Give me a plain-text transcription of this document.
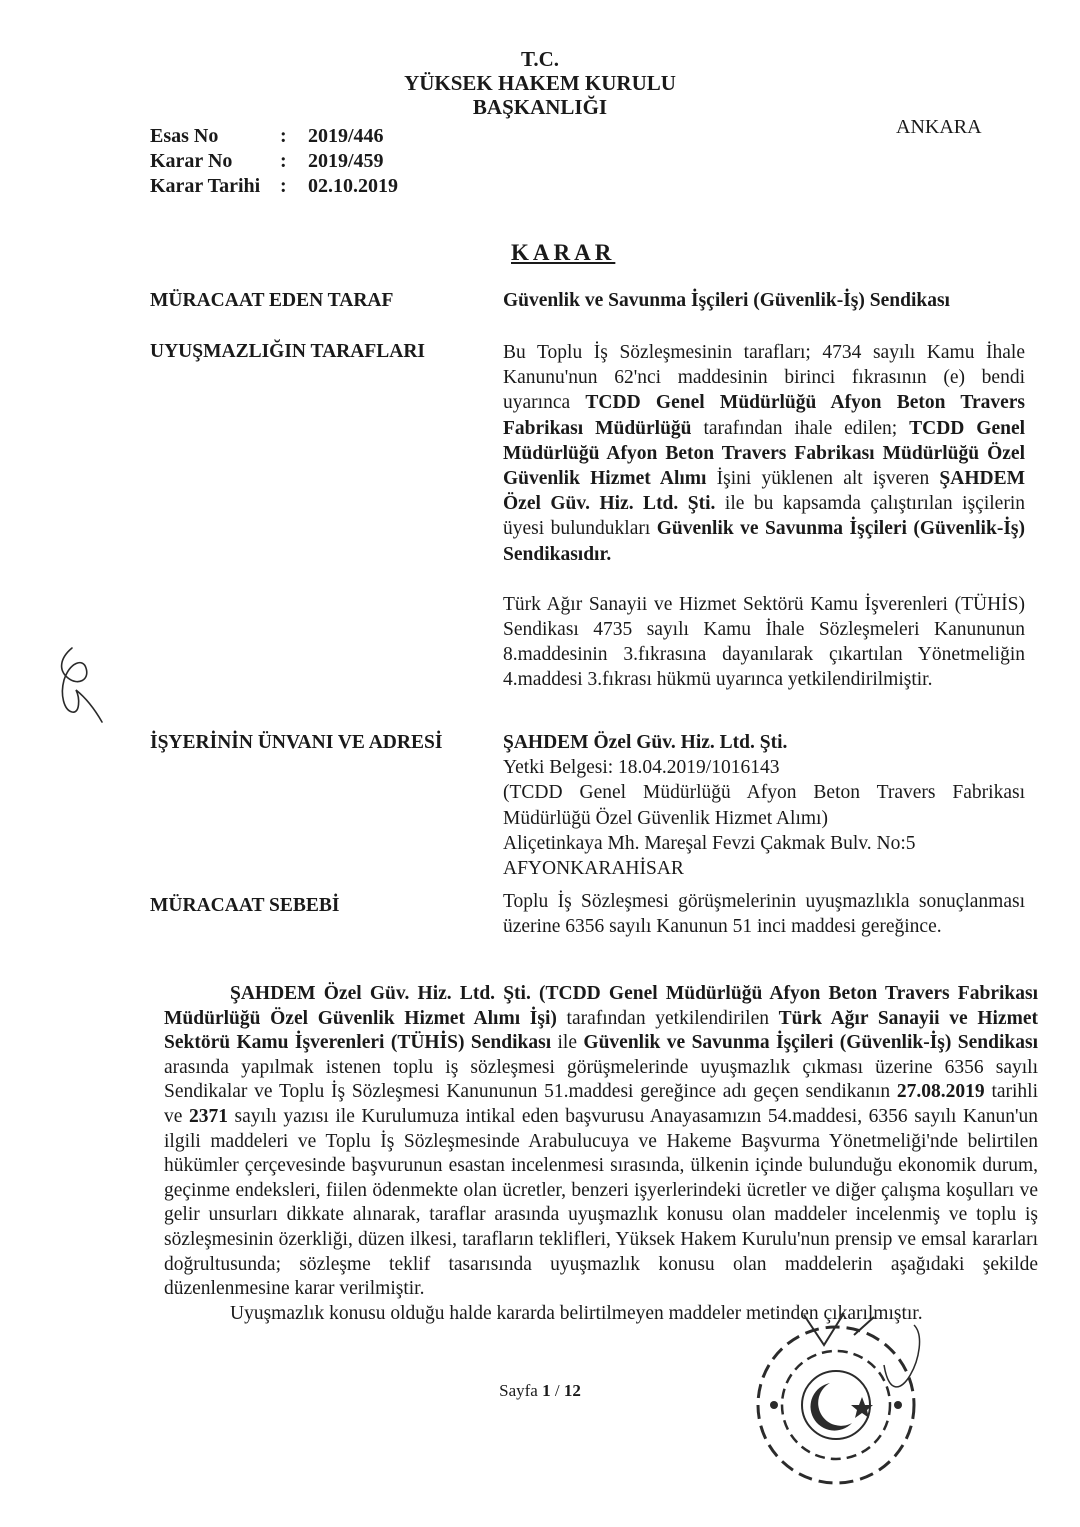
T.C.
YÜKSEK HAKEM KURULU
BAŞKANLIĞI
Esas No	:	2019/446
Karar No	:	2019/459
Karar Tarihi :	02.10.2019
ANKARA
KARAR
MÜRACAAT EDEN TARAF	Güvenlik ve Savunma İşçileri (Güvenlik-İş) Sendikası
UYUŞMAZLIĞIN TARAFLARI	Bu Toplu İş Sözleşmesinin tarafları; 4734 sayılı Kamu İhale Kanunu'nun 62'nci maddesinin birinci fıkrasının (e) bendi uyarınca TCDD Genel Müdürlüğü Afyon Beton Travers Fabrikası Müdürlüğü tarafından ihale edilen; TCDD Genel Müdürlüğü Afyon Beton Travers Fabrikası Müdürlüğü Özel Güvenlik Hizmet Alımı İşini yüklenen alt işveren ŞAHDEM Özel Güv. Hiz. Ltd. Şti. ile bu kapsamda çalıştırılan işçilerin üyesi bulundukları Güvenlik ve Savunma İşçileri (Güvenlik-İş) Sendikasıdır.

Türk Ağır Sanayii ve Hizmet Sektörü Kamu İşverenleri (TÜHİS) Sendikası 4735 sayılı Kamu İhale Sözleşmeleri Kanununun 8.maddesinin 3.fıkrasına dayanılarak çıkartılan Yönetmeliğin 4.maddesi 3.fıkrası hükmü uyarınca yetkilendirilmiştir.

İŞYERİNİN ÜNVANI VE ADRESİ	ŞAHDEM Özel Güv. Hiz. Ltd. Şti.
Yetki Belgesi: 18.04.2019/1016143
(TCDD Genel Müdürlüğü Afyon Beton Travers Fabrikası Müdürlüğü Özel Güvenlik Hizmet Alımı)
Aliçetinkaya Mh. Mareşal Fevzi Çakmak Bulv. No:5
AFYONKARAHİSAR
MÜRACAAT SEBEBİ	Toplu İş Sözleşmesi görüşmelerinin uyuşmazlıkla sonuçlanması üzerine 6356 sayılı Kanunun 51 inci maddesi gereğince.

ŞAHDEM Özel Güv. Hiz. Ltd. Şti. (TCDD Genel Müdürlüğü Afyon Beton Travers Fabrikası Müdürlüğü Özel Güvenlik Hizmet Alımı İşi) tarafından yetkilendirilen Türk Ağır Sanayii ve Hizmet Sektörü Kamu İşverenleri (TÜHİS) Sendikası ile Güvenlik ve Savunma İşçileri (Güvenlik-İş) Sendikası arasında yapılmak istenen toplu iş sözleşmesi görüşmelerinde uyuşmazlık çıkması üzerine 6356 sayılı Sendikalar ve Toplu İş Sözleşmesi Kanununun 51.maddesi gereğince adı geçen sendikanın 27.08.2019 tarihli ve 2371 sayılı yazısı ile Kurulumuza intikal eden başvurusu Anayasamızın 54.maddesi, 6356 sayılı Kanun'un ilgili maddeleri ve Toplu İş Sözleşmesinde Arabulucuya ve Hakeme Başvurma Yönetmeliği'nde belirtilen hükümler çerçevesinde başvurunun esastan incelenmesi sırasında, ülkenin içinde bulunduğu ekonomik durum, geçinme endeksleri, fiilen ödenmekte olan ücretler, benzeri işyerlerindeki ücretler ve diğer çalışma koşulları ve gelir unsurları dikkate alınarak, taraflar arasında uyuşmazlık konusu olan maddeler incelenmiş ve toplu iş sözleşmesinin özerkliği, düzen ilkesi, tarafların teklifleri, Yüksek Hakem Kurulu'nun prensip ve emsal kararları doğrultusunda; sözleşme teklif tasarısında uyuşmazlık konusu olan maddelerin aşağıdaki şekilde düzenlenmesine karar verilmiştir.

Uyuşmazlık konusu olduğu halde kararda belirtilmeyen maddeler metinden çıkarılmıştır.

Sayfa 1 / 12
